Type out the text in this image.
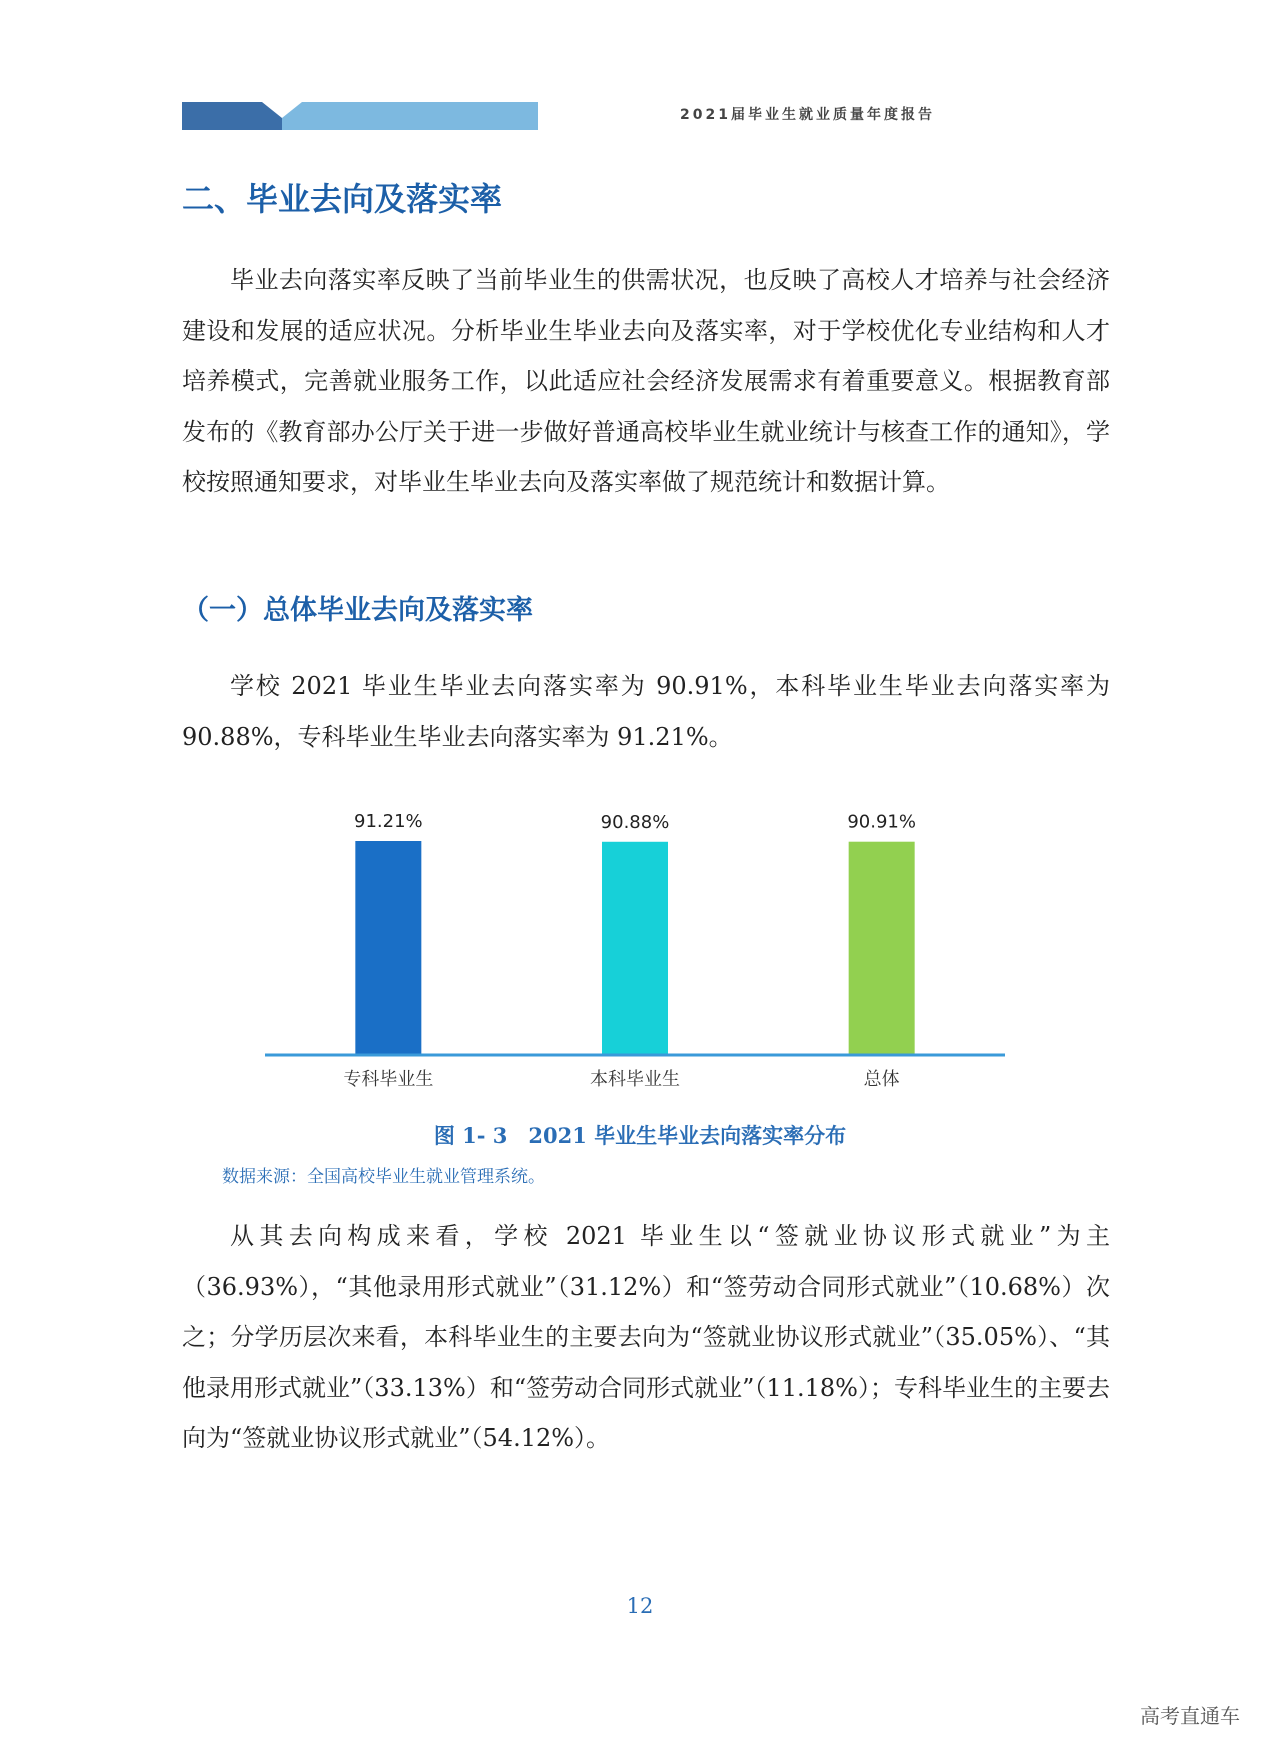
2021届毕业生就业质量年度报告
二、毕业去向及落实率

毕业去向落实率反映了当前毕业生的供需状况，也反映了高校人才培养与社会经济建设和发展的适应状况。分析毕业生毕业去向及落实率，对于学校优化专业结构和人才培养模式，完善就业服务工作，以此适应社会经济发展需求有着重要意义。根据教育部发布的《教育部办公厅关于进一步做好普通高校毕业生就业统计与核查工作的通知》，学校按照通知要求，对毕业生毕业去向及落实率做了规范统计和数据计算。

（一）总体毕业去向及落实率

学校 2021 毕业生毕业去向落实率为 90.91%，本科毕业生毕业去向落实率为 90.88%，专科毕业生毕业去向落实率为 91.21%。

91.21%
专科毕业生
90.88%
本科毕业生
90.91%
总体
图 1- 3　2021 毕业生毕业去向落实率分布
数据来源：全国高校毕业生就业管理系统。

从其去向构成来看，学校 2021 毕业生以“签就业协议形式就业”为主（36.93%），“其他录用形式就业”（31.12%）和“签劳动合同形式就业”（10.68%）次之；分学历层次来看，本科毕业生的主要去向为“签就业协议形式就业”（35.05%）、“其他录用形式就业”（33.13%）和“签劳动合同形式就业”（11.18%）；专科毕业生的主要去向为“签就业协议形式就业”（54.12%）。

12
高考直通车
